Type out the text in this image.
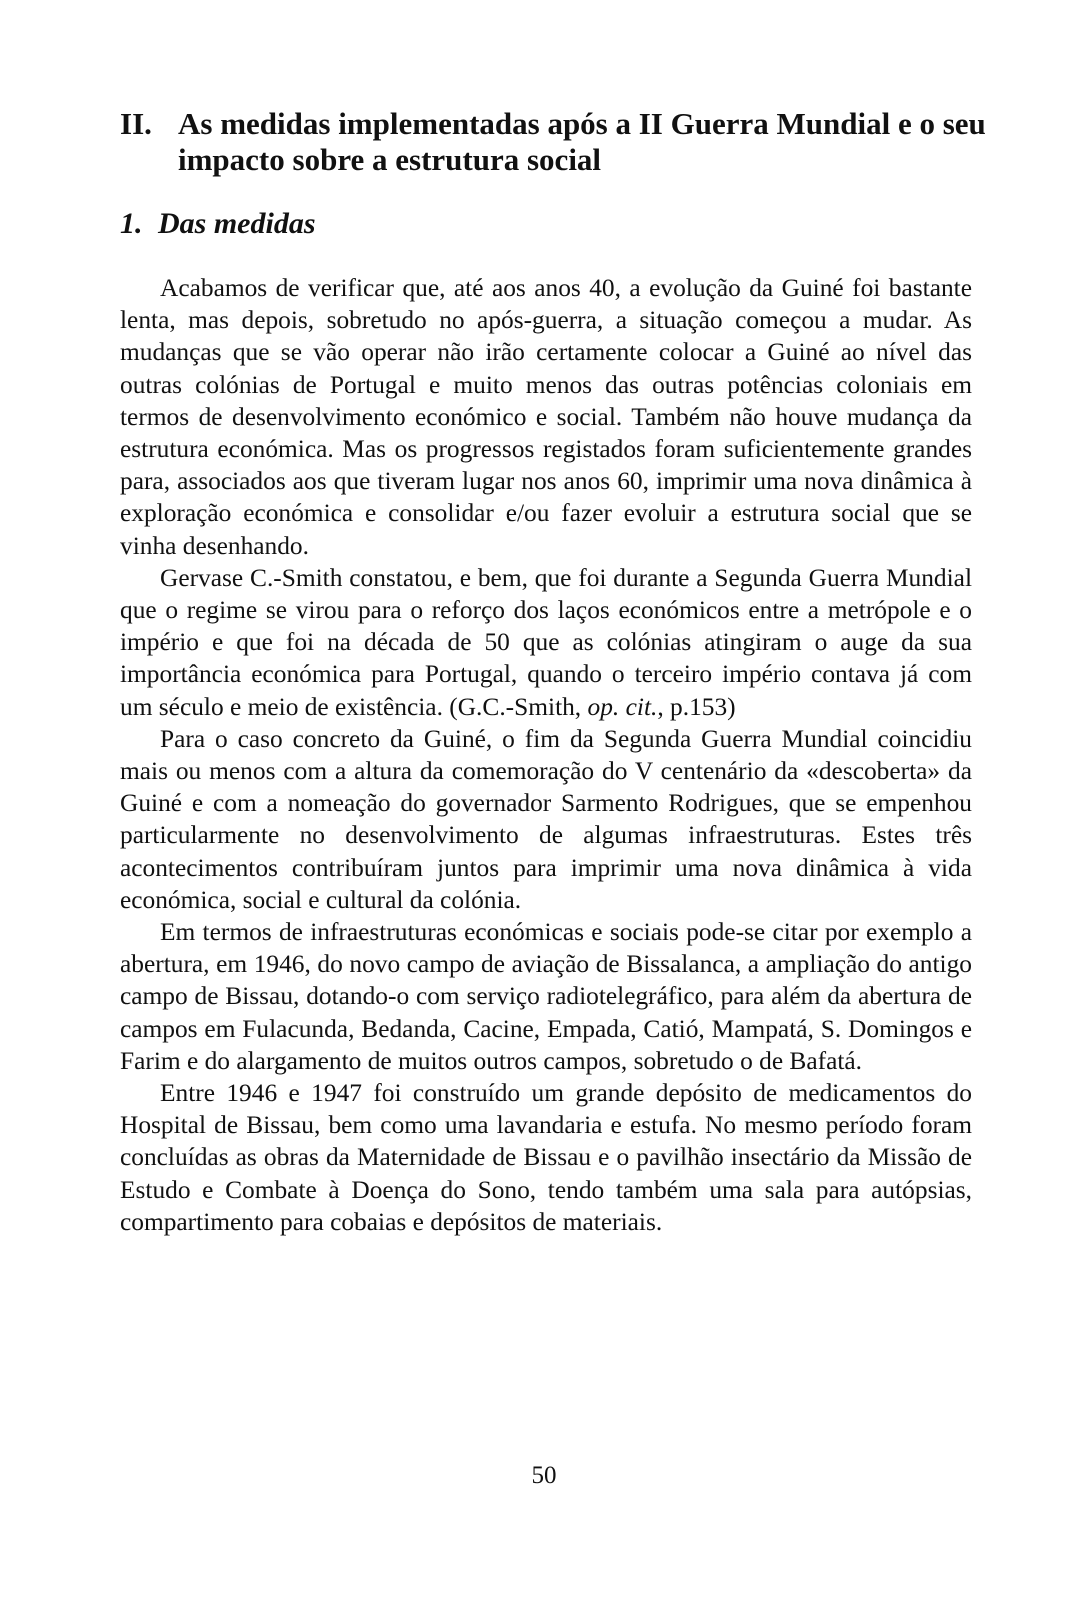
II. As medidas implementadas após a II Guerra Mundial e o seu impacto sobre a estrutura social
1. Das medidas

Acabamos de verificar que, até aos anos 40, a evolução da Guiné foi bastante lenta, mas depois, sobretudo no após-guerra, a situação começou a mudar. As mudanças que se vão operar não irão certamente colocar a Guiné ao nível das outras colónias de Portugal e muito menos das outras potências coloniais em termos de desenvolvimento económico e social. Também não houve mudança da estrutura económica. Mas os progressos registados foram suficientemente grandes para, associados aos que tiveram lugar nos anos 60, imprimir uma nova dinâmica à exploração económica e consolidar e/ou fazer evoluir a estrutura social que se vinha desenhando.

Gervase C.-Smith constatou, e bem, que foi durante a Segunda Guerra Mundial que o regime se virou para o reforço dos laços económicos entre a metrópole e o império e que foi na década de 50 que as colónias atingiram o auge da sua importância económica para Portugal, quando o terceiro império contava já com um século e meio de existência. (G.C.-Smith, op. cit., p.153)

Para o caso concreto da Guiné, o fim da Segunda Guerra Mundial coincidiu mais ou menos com a altura da comemoração do V centenário da «descoberta» da Guiné e com a nomeação do governador Sarmento Rodrigues, que se empenhou particularmente no desenvolvimento de algumas infraestruturas. Estes três acontecimentos contribuíram juntos para imprimir uma nova dinâmica à vida económica, social e cultural da colónia.

Em termos de infraestruturas económicas e sociais pode-se citar por exemplo a abertura, em 1946, do novo campo de aviação de Bissalanca, a ampliação do antigo campo de Bissau, dotando-o com serviço radiotelegráfico, para além da abertura de campos em Fulacunda, Bedanda, Cacine, Empada, Catió, Mampatá, S. Domingos e Farim e do alargamento de muitos outros campos, sobretudo o de Bafatá.

Entre 1946 e 1947 foi construído um grande depósito de medicamentos do Hospital de Bissau, bem como uma lavandaria e estufa. No mesmo período foram concluídas as obras da Maternidade de Bissau e o pavilhão insectário da Missão de Estudo e Combate à Doença do Sono, tendo também uma sala para autópsias, compartimento para cobaias e depósitos de materiais.

50
